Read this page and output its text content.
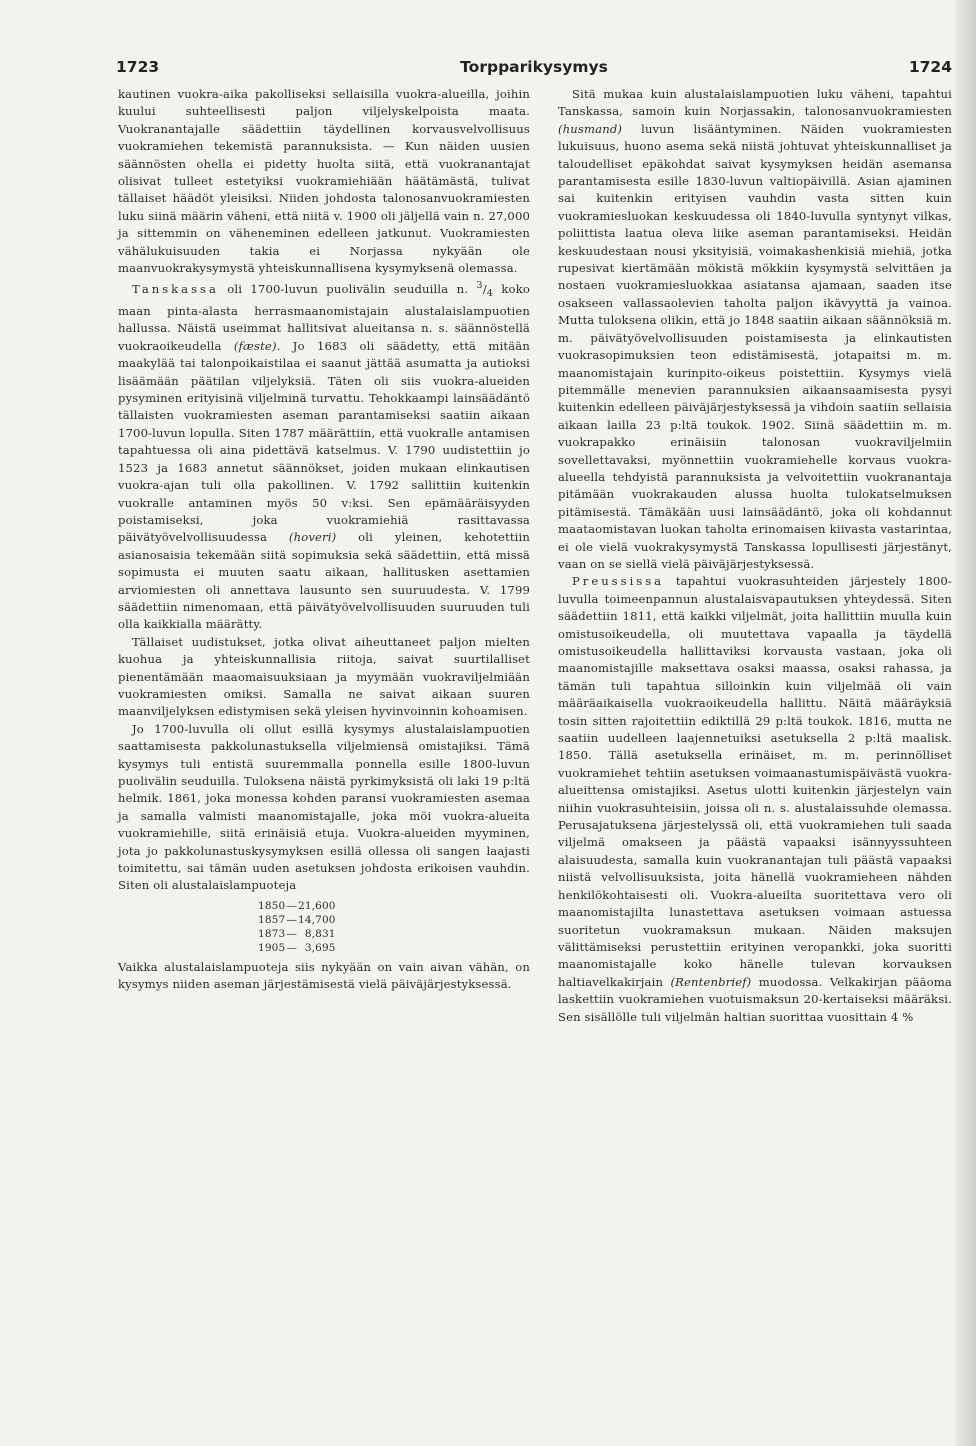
1723	Torpparikysymys	1724

kautinen vuokra-aika pakolliseksi sellaisilla vuokra-alueilla, joihin kuului suhteellisesti paljon viljelyskelpoista maata. Vuokranantajalle säädettiin täydellinen korvausvelvollisuus vuokramiehen tekemistä parannuksista. — Kun näiden uusien säännösten ohella ei pidetty huolta siitä, että vuokranantajat olisivat tulleet estetyiksi vuokramiehiään häätämästä, tulivat tällaiset häädöt yleisiksi. Niiden johdosta talonosanvuokramiesten luku siinä määrin väheni, että niitä v. 1900 oli jäljellä vain n. 27,000 ja sittemmin on väheneminen edelleen jatkunut. Vuokramiesten vähälukuisuuden takia ei Norjassa nykyään ole maanvuokrakysymystä yhteiskunnallisena kysymyksenä olemassa.

Tanskassa oli 1700-luvun puolivälin seuduilla n. $^3/_4$ koko maan pinta-alasta herrasmaanomistajain alustalaislampuotien hallussa. Näistä useimmat hallitsivat alueitansa n. s. säännöstellä vuokraoikeudella (fæste). Jo 1683 oli säädetty, että mitään maakylää tai talonpoikaistilaa ei saanut jättää asumatta ja autioksi lisäämään päätilan viljelyksiä. Täten oli siis vuokra-alueiden pysyminen erityisinä viljelminä turvattu. Tehokkaampi lainsäädäntö tällaisten vuokramiesten aseman parantamiseksi saatiin aikaan 1700-luvun lopulla. Siten 1787 määrättiin, että vuokralle antamisen tapahtuessa oli aina pidettävä katselmus. V. 1790 uudistettiin jo 1523 ja 1683 annetut säännökset, joiden mukaan elinkautisen vuokra-ajan tuli olla pakollinen. V. 1792 sallittiin kuitenkin vuokralle antaminen myös 50 v:ksi. Sen epämääräisyyden poistamiseksi, joka vuokramiehiä rasittavassa päivätyövelvollisuudessa (hoveri) oli yleinen, kehotettiin asianosaisia tekemään siitä sopimuksia sekä säädettiin, että missä sopimusta ei muuten saatu aikaan, hallitusken asettamien arviomiesten oli annettava lausunto sen suuruudesta. V. 1799 säädettiin nimenomaan, että päivätyövelvollisuuden suuruuden tuli olla kaikkialla määrätty.

Tällaiset uudistukset, jotka olivat aiheuttaneet paljon mielten kuohua ja yhteiskunnallisia riitoja, saivat suurtilalliset pienentämään maaomaisuuksiaan ja myymään vuokraviljelmiään vuokramiesten omiksi. Samalla ne saivat aikaan suuren maanviljelyksen edistymisen sekä yleisen hyvinvoinnin kohoamisen.

Jo 1700-luvulla oli ollut esillä kysymys alustalaislampuotien saattamisesta pakkolunastuksella viljelmiensä omistajiksi. Tämä kysymys tuli entistä suuremmalla ponnella esille 1800-luvun puolivälin seuduilla. Tuloksena näistä pyrkimyksistä oli laki 19 p:ltä helmik. 1861, joka monessa kohden paransi vuokramiesten asemaa ja samalla valmisti maanomistajalle, joka möi vuokra-alueita vuokramiehille, siitä erinäisiä etuja. Vuokra-alueiden myyminen, jota jo pakkolunastuskysymyksen esillä ollessa oli sangen laajasti toimitettu, sai tämän uuden asetuksen johdosta erikoisen vauhdin. Siten oli alustalaislampuoteja

1850	—	21,600
1857	—	14,700
1873	—	8,831
1905	—	3,695

Vaikka alustalaislampuoteja siis nykyään on vain aivan vähän, on kysymys niiden aseman järjestämisestä vielä päiväjärjestyksessä.

Sitä mukaa kuin alustalaislampuotien luku väheni, tapahtui Tanskassa, samoin kuin Norjassakin, talonosanvuokramiesten (husmand) luvun lisääntyminen. Näiden vuokramiesten lukuisuus, huono asema sekä niistä johtuvat yhteiskunnalliset ja taloudelliset epäkohdat saivat kysymyksen heidän asemansa parantamisesta esille 1830-luvun valtiopäivillä. Asian ajaminen sai kuitenkin erityisen vauhdin vasta sitten kuin vuokramiesluokan keskuudessa oli 1840-luvulla syntynyt vilkas, poliittista laatua oleva liike aseman parantamiseksi. Heidän keskuudestaan nousi yksityisiä, voimakashenkisiä miehiä, jotka rupesivat kiertämään mökistä mökkiin kysymystä selvittäen ja nostaen vuokramiesluokkaa asiatansa ajamaan, saaden itse osakseen vallassaolevien taholta paljon ikävyyttä ja vainoa. Mutta tuloksena olikin, että jo 1848 saatiin aikaan säännöksiä m. m. päivätyövelvollisuuden poistamisesta ja elinkautisten vuokrasopimuksien teon edistämisestä, jotapaitsi m. m. maanomistajain kurinpito-oikeus poistettiin. Kysymys vielä pitemmälle menevien parannuksien aikaansaamisesta pysyi kuitenkin edelleen päiväjärjestyksessä ja vihdoin saatiin sellaisia aikaan lailla 23 p:ltä toukok. 1902. Siinä säädettiin m. m. vuokrapakko erinäisiin talonosan vuokraviljelmiin sovellettavaksi, myönnettiin vuokramiehelle korvaus vuokra-alueella tehdyistä parannuksista ja velvoitettiin vuokranantaja pitämään vuokrakauden alussa huolta tulokatselmuksen pitämisestä. Tämäkään uusi lainsäädäntö, joka oli kohdannut maataomistavan luokan taholta erinomaisen kiivasta vastarintaa, ei ole vielä vuokrakysymystä Tanskassa lopullisesti järjestänyt, vaan on se siellä vielä päiväjärjestyksessä.

Preussissa tapahtui vuokrasuhteiden järjestely 1800-luvulla toimeenpannun alustalaisvapautuksen yhteydessä. Siten säädettiin 1811, että kaikki viljelmät, joita hallittiin muulla kuin omistusoikeudella, oli muutettava vapaalla ja täydellä omistusoikeudella hallittaviksi korvausta vastaan, joka oli maanomistajille maksettava osaksi maassa, osaksi rahassa, ja tämän tuli tapahtua silloinkin kuin viljelmää oli vain määräaikaisella vuokraoikeudella hallittu. Näitä määräyksiä tosin sitten rajoitettiin ediktillä 29 p:ltä toukok. 1816, mutta ne saatiin uudelleen laajennetuiksi asetuksella 2 p:ltä maalisk. 1850. Tällä asetuksella erinäiset, m. m. perinnölliset vuokramiehet tehtiin asetuksen voimaanastumispäivästä vuokra-alueittensa omistajiksi. Asetus ulotti kuitenkin järjestelyn vain niihin vuokrasuhteisiin, joissa oli n. s. alustalaissuhde olemassa. Perusajatuksena järjestelyssä oli, että vuokramiehen tuli saada viljelmä omakseen ja päästä vapaaksi isännyyssuhteen alaisuudesta, samalla kuin vuokranantajan tuli päästä vapaaksi niistä velvollisuuksista, joita hänellä vuokramieheen nähden henkilökohtaisesti oli. Vuokra-alueilta suoritettava vero oli maanomistajilta lunastettava asetuksen voimaan astuessa suoritetun vuokramaksun mukaan. Näiden maksujen välittämiseksi perustettiin erityinen veropankki, joka suoritti maanomistajalle koko hänelle tulevan korvauksen haltiavelkakirjain (Rentenbrief) muodossa. Velkakirjan pääoma laskettiin vuokramiehen vuotuismaksun 20-kertaiseksi määräksi. Sen sisällölle tuli viljelmän haltian suorittaa vuosittain 4 %
